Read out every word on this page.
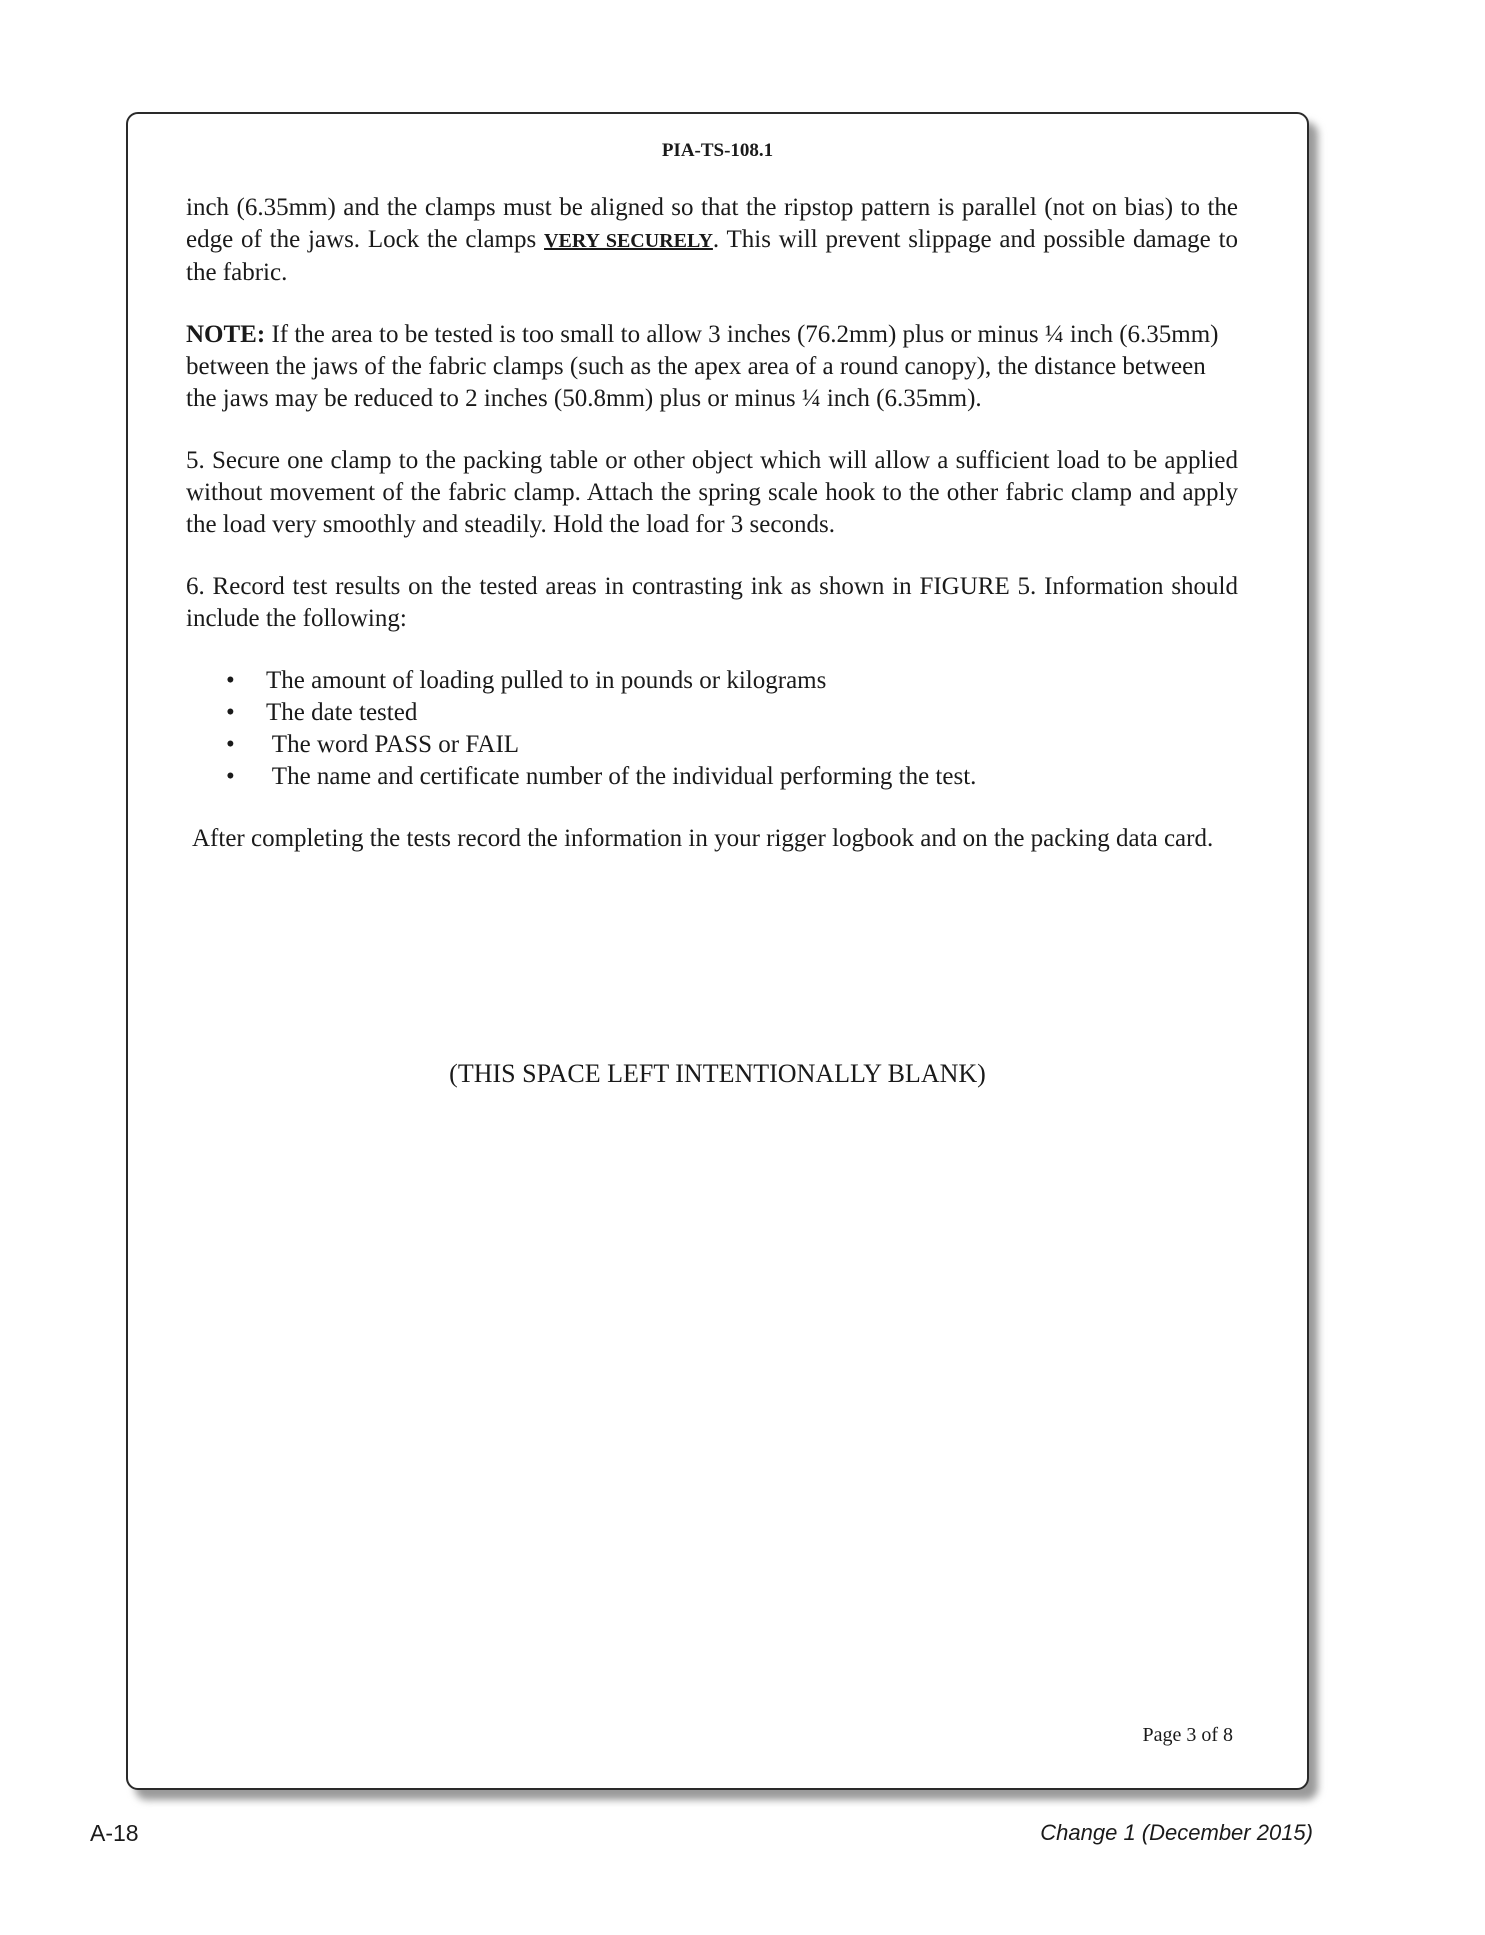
PIA-TS-108.1

inch (6.35mm) and the clamps must be aligned so that the ripstop pattern is parallel (not on bias) to the edge of the jaws. Lock the clamps VERY SECURELY. This will prevent slippage and possible damage to the fabric.

NOTE: If the area to be tested is too small to allow 3 inches (76.2mm) plus or minus ¼ inch (6.35mm) between the jaws of the fabric clamps (such as the apex area of a round canopy), the distance between the jaws may be reduced to 2 inches (50.8mm) plus or minus ¼ inch (6.35mm).

5. Secure one clamp to the packing table or other object which will allow a sufficient load to be applied without movement of the fabric clamp. Attach the spring scale hook to the other fabric clamp and apply the load very smoothly and steadily. Hold the load for 3 seconds.

6. Record test results on the tested areas in contrasting ink as shown in FIGURE 5. Information should include the following:

• The amount of loading pulled to in pounds or kilograms
• The date tested
• The word PASS or FAIL
• The name and certificate number of the individual performing the test.

After completing the tests record the information in your rigger logbook and on the packing data card.

(THIS SPACE LEFT INTENTIONALLY BLANK)
Page 3 of 8
A-18	Change 1 (December 2015)
